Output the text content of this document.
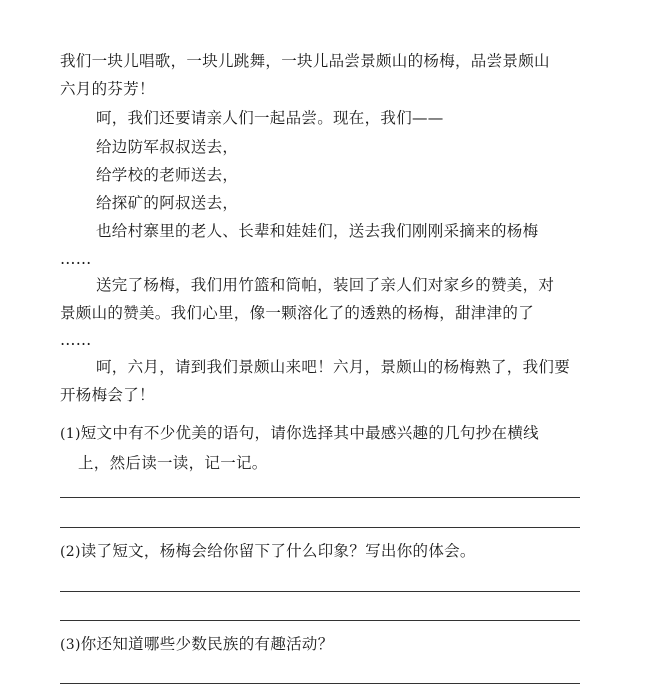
我们一块儿唱歌，一块儿跳舞，一块儿品尝景颇山的杨梅，品尝景颇山
六月的芬芳！
呵，我们还要请亲人们一起品尝。现在，我们——
给边防军叔叔送去，
给学校的老师送去，
给探矿的阿叔送去，
也给村寨里的老人、长辈和娃娃们，送去我们刚刚采摘来的杨梅
……
送完了杨梅，我们用竹篮和筒帕，装回了亲人们对家乡的赞美，对
景颇山的赞美。我们心里，像一颗溶化了的透熟的杨梅，甜津津的了
……
呵，六月，请到我们景颇山来吧！六月，景颇山的杨梅熟了，我们要
开杨梅会了！
(1)短文中有不少优美的语句，请你选择其中最感兴趣的几句抄在横线
上，然后读一读，记一记。
(2)读了短文，杨梅会给你留下了什么印象？写出你的体会。
(3)你还知道哪些少数民族的有趣活动？
